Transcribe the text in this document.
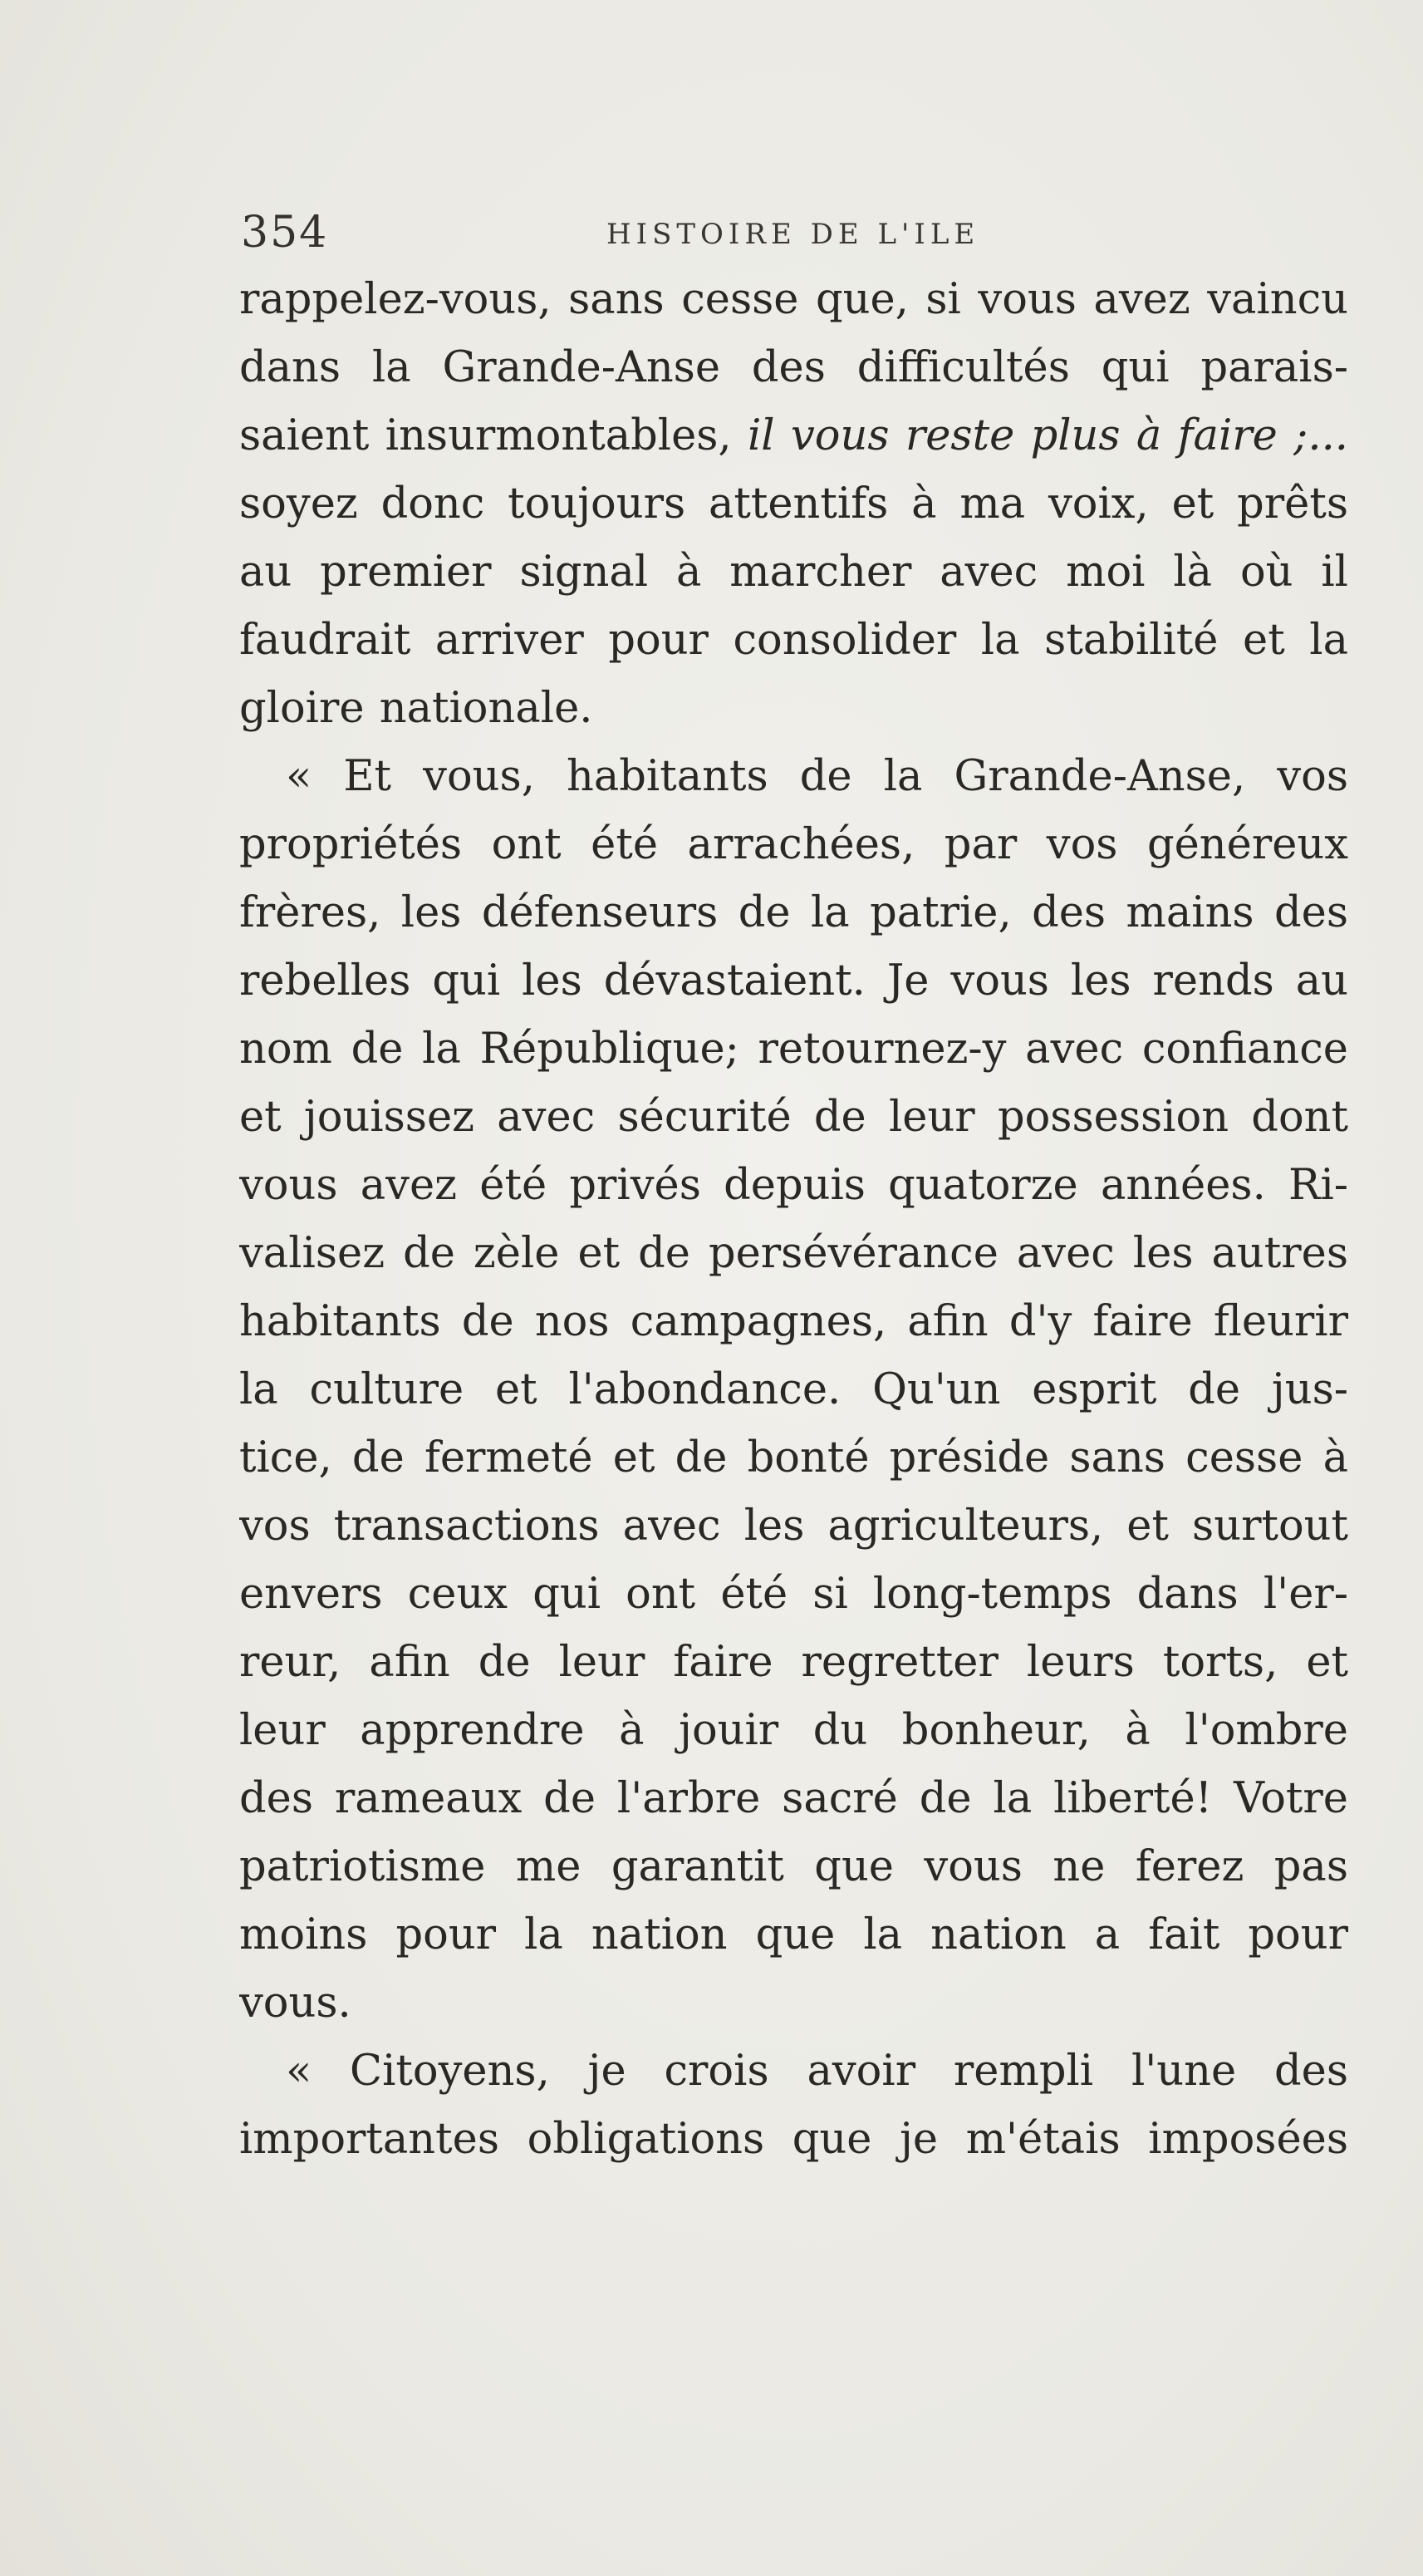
354	HISTOIRE DE L'ILE
rappelez-vous, sans cesse que, si vous avez vaincu
dans la Grande-Anse des difficultés qui parais-
saient insurmontables, il vous reste plus à faire ;...
soyez donc toujours attentifs à ma voix, et prêts
au premier signal à marcher avec moi là où il
faudrait arriver pour consolider la stabilité et la
gloire nationale.
« Et vous, habitants de la Grande-Anse, vos
propriétés ont été arrachées, par vos généreux
frères, les défenseurs de la patrie, des mains des
rebelles qui les dévastaient. Je vous les rends au
nom de la République; retournez-y avec confiance
et jouissez avec sécurité de leur possession dont
vous avez été privés depuis quatorze années. Ri-
valisez de zèle et de persévérance avec les autres
habitants de nos campagnes, afin d'y faire fleurir
la culture et l'abondance. Qu'un esprit de jus-
tice, de fermeté et de bonté préside sans cesse à
vos transactions avec les agriculteurs, et surtout
envers ceux qui ont été si long-temps dans l'er-
reur, afin de leur faire regretter leurs torts, et
leur apprendre à jouir du bonheur, à l'ombre
des rameaux de l'arbre sacré de la liberté! Votre
patriotisme me garantit que vous ne ferez pas
moins pour la nation que la nation a fait pour
vous.
« Citoyens, je crois avoir rempli l'une des
importantes obligations que je m'étais imposées
